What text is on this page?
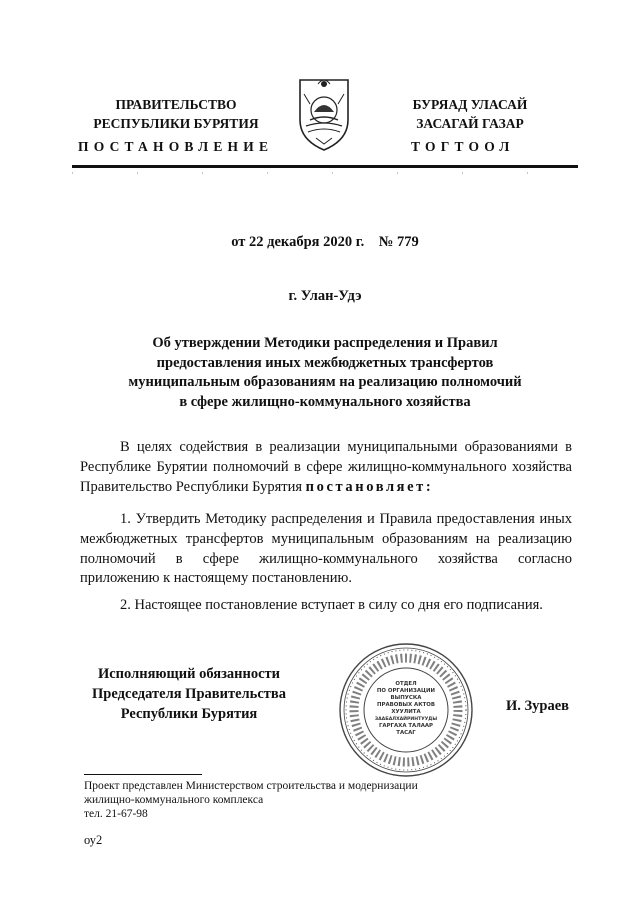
ПРАВИТЕЛЬСТВО
РЕСПУБЛИКИ БУРЯТИЯ
ПОСТАНОВЛЕНИЕ
БУРЯАД УЛАСАЙ
ЗАСАГАЙ ГАЗАР
ТОГТООЛ
от 22 декабря 2020 г.    № 779
г. Улан-Удэ
Об утверждении Методики распределения и Правил
предоставления иных межбюджетных трансфертов
муниципальным образованиям на реализацию полномочий
в сфере жилищно-коммунального хозяйства

В целях содействия в реализации муниципальными образованиями в Республике Бурятии полномочий в сфере жилищно-коммунального хозяйства Правительство Республики Бурятия постановляет:

1. Утвердить Методику распределения и Правила предоставления иных межбюджетных трансфертов муниципальным образованиям на реализацию полномочий в сфере жилищно-коммунального хозяйства согласно приложению к настоящему постановлению.

2. Настоящее постановление вступает в силу со дня его подписания.

Исполняющий обязанности
Председателя Правительства
Республики Бурятия	И. Зураев
ОТДЕЛ
ПО ОРГАНИЗАЦИИ
ВЫПУСКА
ПРАВОВЫХ АКТОВ
ХУУЛИТА
ЗААБАЛХАЙРИНТУУДЫ
ГАРГАХА ТАЛААР
ТАСАГ
Проект представлен Министерством строительства и модернизации
жилищно-коммунального комплекса
тел. 21-67-98
оу2
